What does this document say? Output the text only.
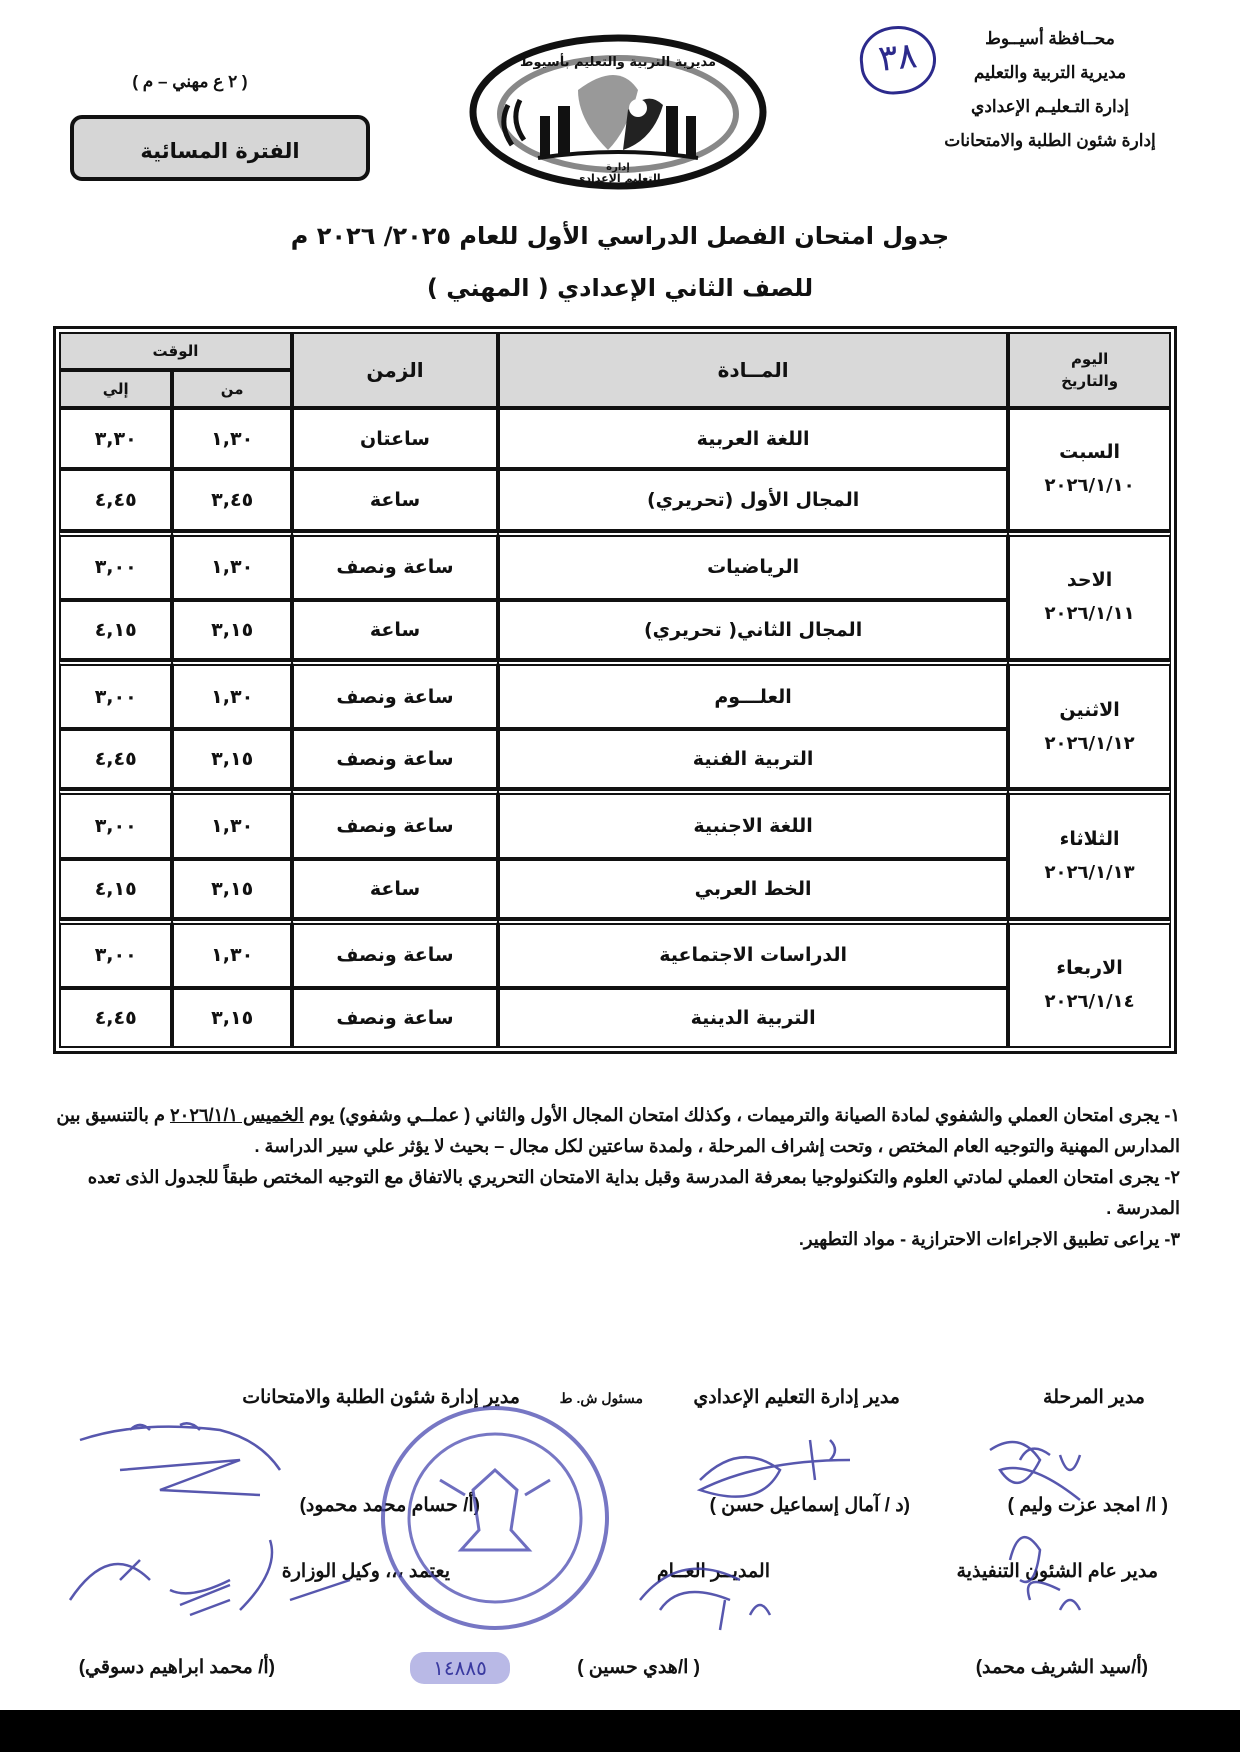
محــافظة أسيــوط
مديرية التربية والتعليم
إدارة التـعليـم الإعدادي
إدارة شئون الطلبة والامتحانات
٣٨
مديرية التربية والتعليم بأسيوط
إدارة
التعليم الإعدادي
( ٢ ع مهني – م )
الفترة المسائية
جدول امتحان الفصل الدراسي الأول للعام ٢٠٢٥/ ٢٠٢٦ م
للصف الثاني الإعدادي ( المهني )
اليوم
والتاريخ	المــادة	الزمن	الوقت	
			من	إلي

السبت
٢٠٢٦/١/١٠	اللغة العربية	ساعتان	١,٣٠	٣,٣٠
	المجال الأول (تحريري)	ساعة	٣,٤٥	٤,٤٥

الاحد
٢٠٢٦/١/١١	الرياضيات	ساعة ونصف	١,٣٠	٣,٠٠
	المجال الثاني( تحريري)	ساعة	٣,١٥	٤,١٥

الاثنين
٢٠٢٦/١/١٢	العلـــوم	ساعة ونصف	١,٣٠	٣,٠٠
	التربية الفنية	ساعة ونصف	٣,١٥	٤,٤٥

الثلاثاء
٢٠٢٦/١/١٣	اللغة الاجنبية	ساعة ونصف	١,٣٠	٣,٠٠
	الخط العربي	ساعة	٣,١٥	٤,١٥

الاربعاء
٢٠٢٦/١/١٤	الدراسات الاجتماعية	ساعة ونصف	١,٣٠	٣,٠٠
	التربية الدينية	ساعة ونصف	٣,١٥	٤,٤٥

١- يجرى امتحان العملي والشفوي لمادة الصيانة والترميمات ، وكذلك امتحان المجال الأول والثاني ( عملــي وشفوي) يوم الخميس ٢٠٢٦/١/١ م بالتنسيق بين المدارس المهنية والتوجيه العام المختص ، وتحت إشراف المرحلة ، ولمدة ساعتين لكل مجال – بحيث لا يؤثر علي سير الدراسة .

٢- يجرى امتحان العملي لمادتي العلوم والتكنولوجيا بمعرفة المدرسة وقبل بداية الامتحان التحريري بالاتفاق مع التوجيه المختص طبقاً للجدول الذى تعده المدرسة .

٣- يراعى تطبيق الاجراءات الاحترازية - مواد التطهير.

مدير المرحلة
مدير إدارة التعليم الإعدادي
مسئول ش. ط
مدير إدارة شئون الطلبة والامتحانات
( ا/ امجد عزت وليم )
(د / آمال إسماعيل حسن )
(أ/ حسام محمد محمود)
مدير عام الشئون التنفيذية
المديــر العــام
يعتمد ،،، وكيل الوزارة
(أ/سيد الشريف محمد)
( ا/هدي حسين )
(أ/ محمد ابراهيم دسوقي)	١٤٨٨٥
